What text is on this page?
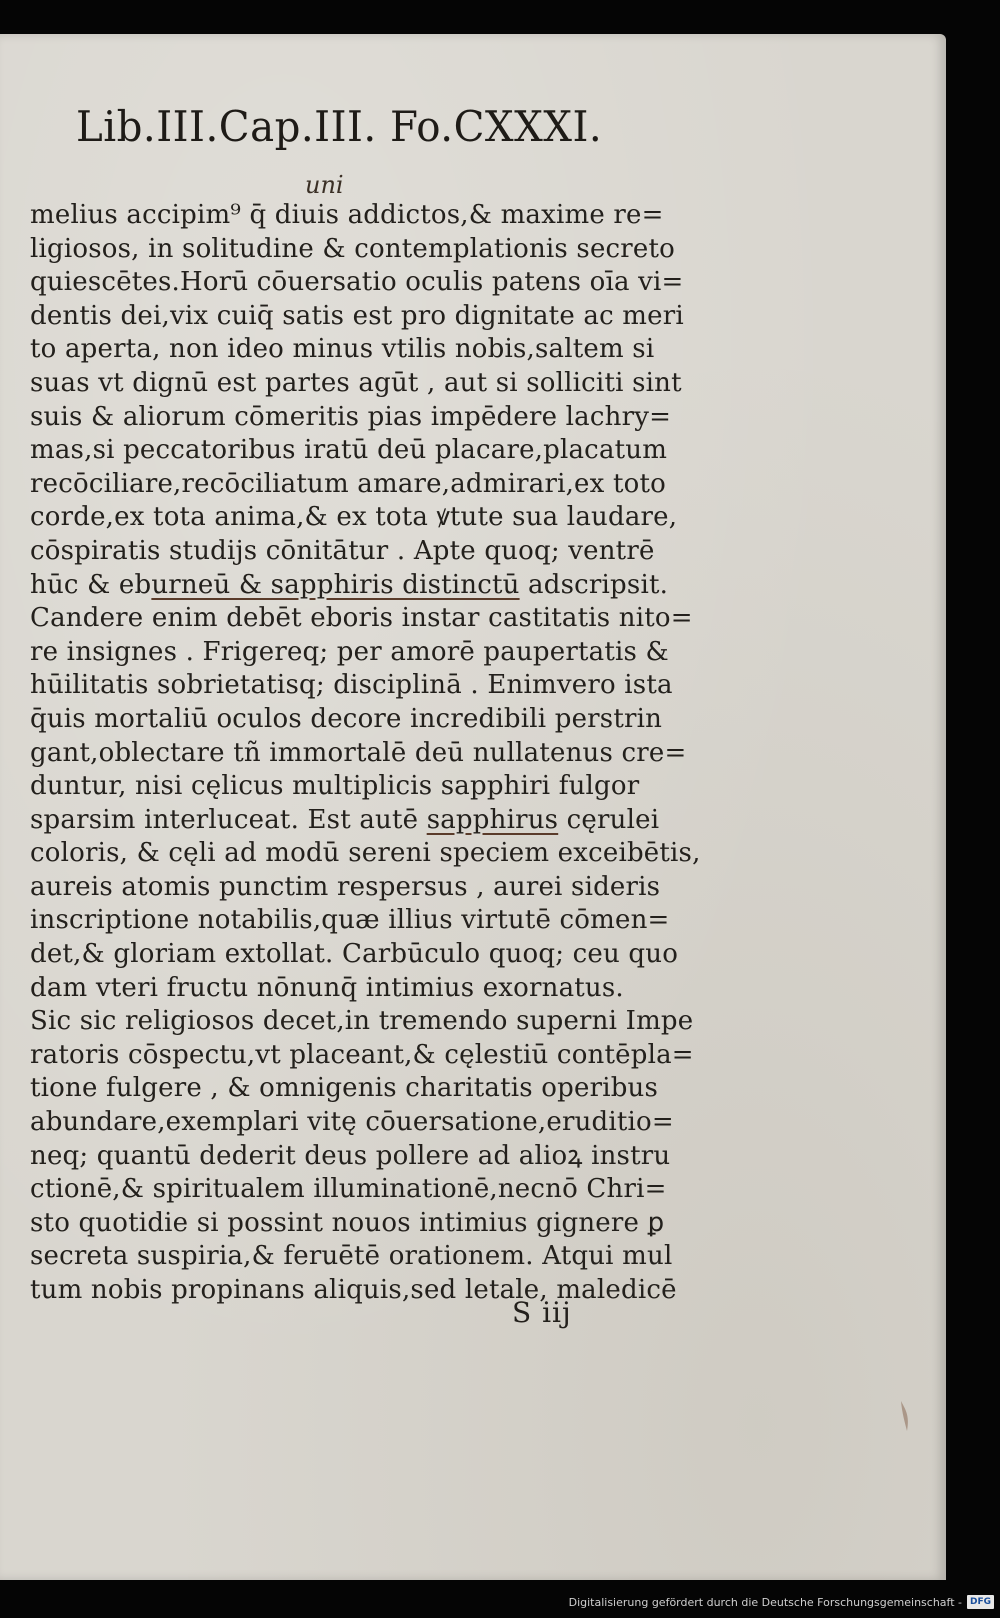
Lib.III.Cap.III. Fo.CXXXI.
uni
melius accipim⁹ q̄ diuis addictos,& maxime re=
ligiosos, in solitudine & contemplationis secreto
quiescētes.Horū cōuersatio oculis patens oīa vi=
dentis dei,vix cuiq̄ satis est pro dignitate ac meri
to aperta, non ideo minus vtilis nobis,saltem si
suas vt dignū est partes agūt , aut si solliciti sint
suis & aliorum cōmeritis pias impēdere lachry=
mas,si peccatoribus iratū deū placare,placatum
recōciliare,recōciliatum amare,admirari,ex toto
corde,ex tota anima,& ex tota ꝟtute sua laudare,
cōspiratis studijs cōnitātur . Apte quoq; ventrē
hūc & eburneū & sapphiris distinctū adscripsit.
Candere enim debēt eboris instar castitatis nito=
re insignes . Frigereq; per amorē paupertatis &
hūilitatis sobrietatisq; disciplinā . Enimvero ista
q̄uis mortaliū oculos decore incredibili perstrin
gant,oblectare tñ immortalē deū nullatenus cre=
duntur, nisi cęlicus multiplicis sapphiri fulgor
sparsim interluceat. Est autē sapphirus cęrulei
coloris, & cęli ad modū sereni speciem exceibētis,
aureis atomis punctim respersus , aurei sideris
inscriptione notabilis,quæ illius virtutē cōmen=
det,& gloriam extollat. Carbūculo quoq; ceu quo
dam vteri fructu nōnunq̄ intimius exornatus.
Sic sic religiosos decet,in tremendo superni Impe
ratoris cōspectu,vt placeant,& cęlestiū contēpla=
tione fulgere , & omnigenis charitatis operibus
abundare,exemplari vitę cōuersatione,eruditio=
neq; quantū dederit deus pollere ad alioꝝ instru
ctionē,& spiritualem illuminationē,necnō Chri=
sto quotidie si possint nouos intimius gignere ꝑ
secreta suspiria,& feruētē orationem. Atqui mul
tum nobis propinans aliquis,sed letale, maledicē
S iij
Digitalisierung gefördert durch die Deutsche Forschungsgemeinschaft - DFG
